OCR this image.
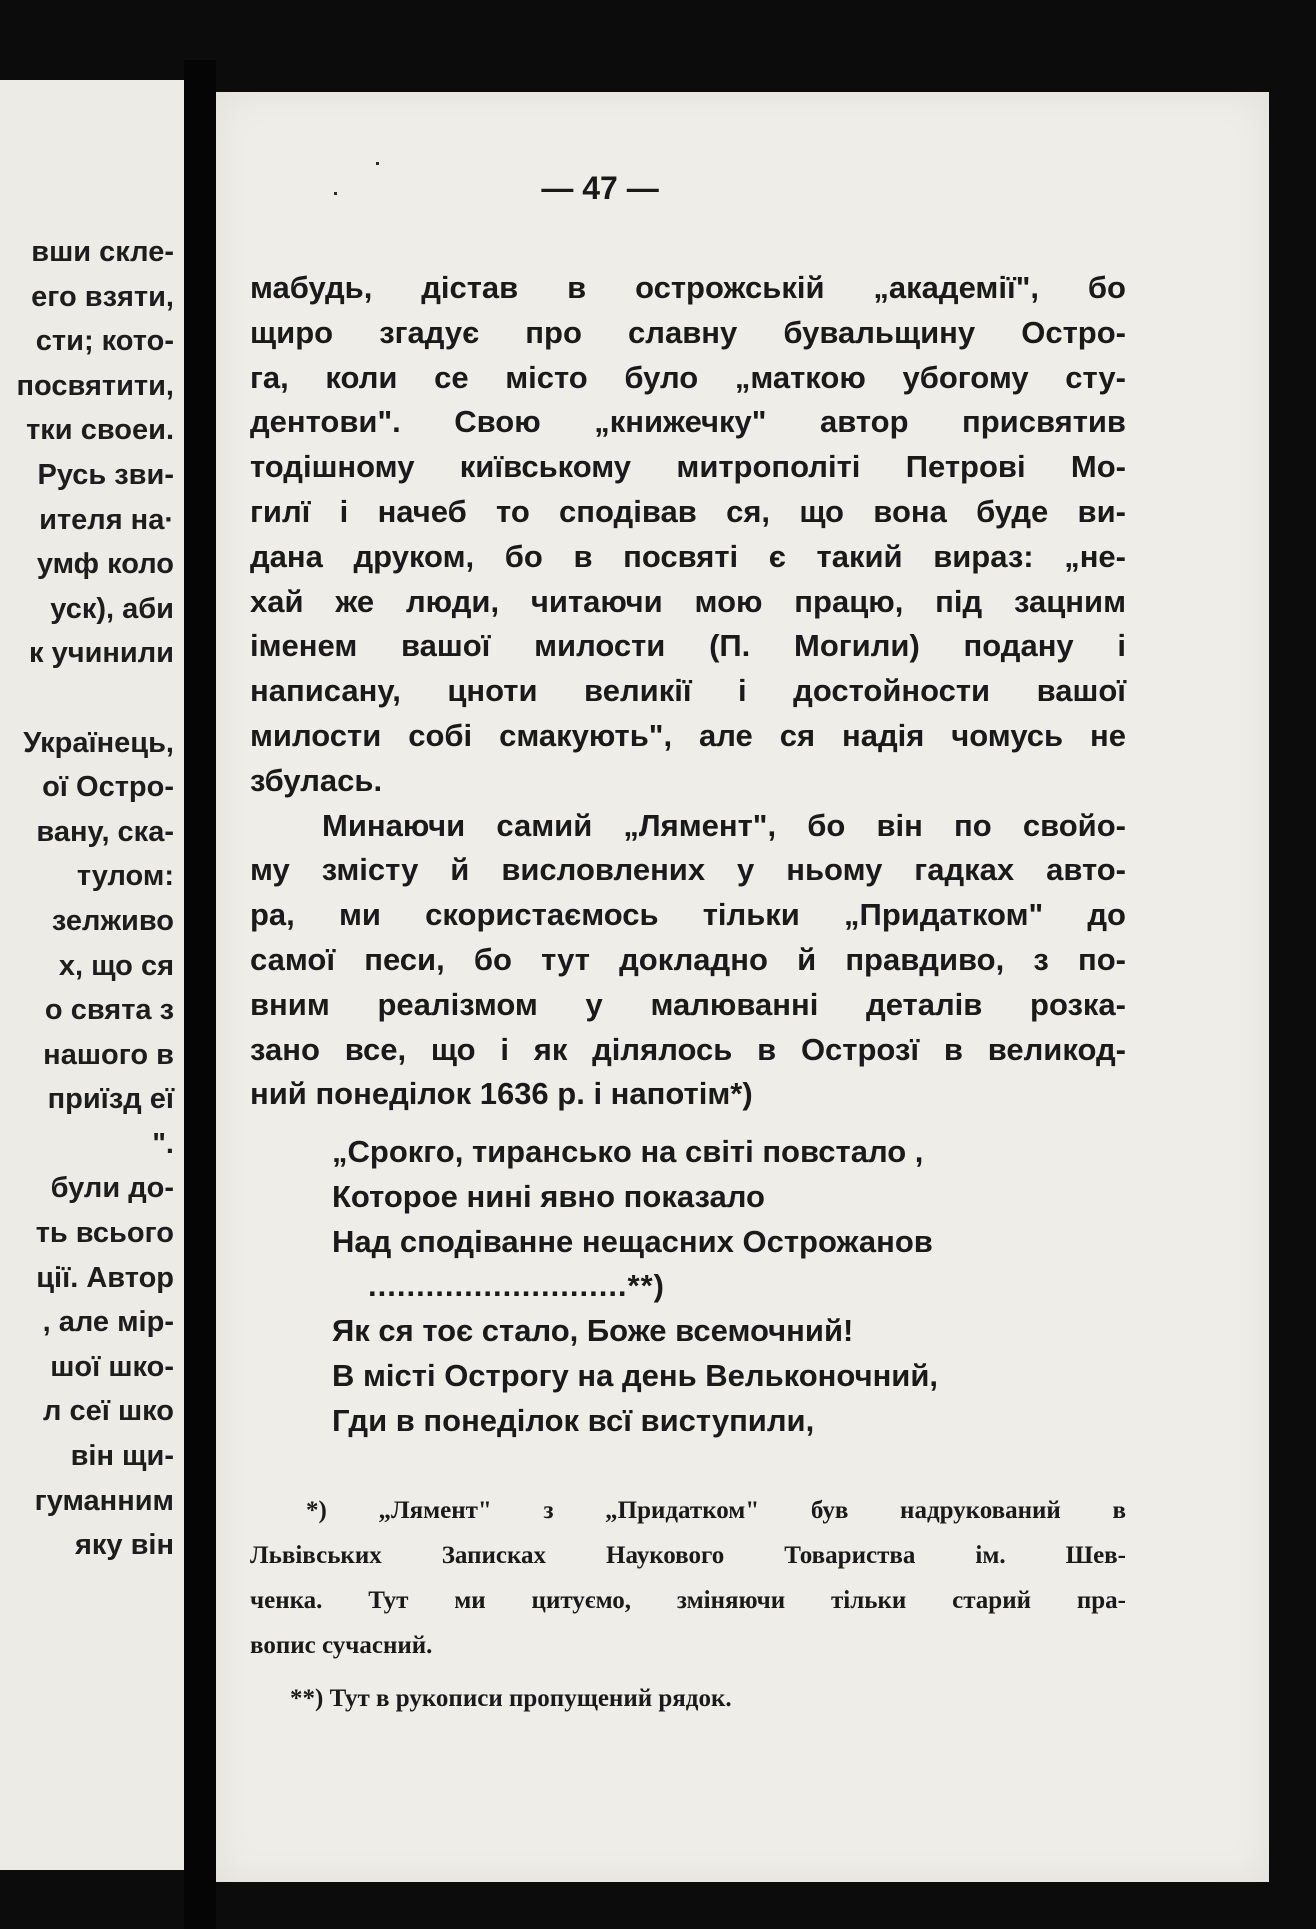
вши скле-
его взяти,
сти; кото-
посвятити,
тки своеи.
Русь зви-
ителя на·
умф коло
уск), аби
к учинили
Українець,
ої Остро-
вану, ска-
тулом:
зелживо
х, що ся
о свята з
нашого в
приїзд еї
".
були до-
ть всього
ції. Автор
, але мір-
шої шко-
л сеї шко
він щи-
гуманним
яку він

— 47 —

мабудь, дістав в острожській „академії", бо
щиро згадує про славну бувальщину Остро-
га, коли се місто було „маткою убогому сту-
дентови". Свою „книжечку" автор присвятив
тодішному київському митрополіті Петрові Мо-
гилї і начеб то сподівав ся, що вона буде ви-
дана друком, бо в посвяті є такий вираз: „не-
хай же люди, читаючи мою працю, під зацним
іменем вашої милости (П. Могили) подану і
написану, цноти великії і достойности вашої
милости собі смакують", але ся надія чомусь не
збулась.
Минаючи самий „Лямент", бо він по свойо-
му змісту й висловлених у ньому гадках авто-
ра, ми скористаємось тільки „Придатком" до
самої песи, бо тут докладно й правдиво, з по-
вним реалізмом у малюванні деталів розка-
зано все, що і як ділялось в Острозї в великод-
ний понеділок 1636 р. і напотім*)
„Срокго, тиранськo на світі повстало ,
Которое нині явно показало
Над сподіванне нещасних Острожанов
...........................**)
Як ся тоє стало, Боже всемочний!
В місті Острогу на день Вельконочний,
Гди в понеділок всї виступили,
*) „Лямент" з „Придатком" був надрукований в
Львівських Записках Наукового Товариства ім. Шев-
ченка. Тут ми цитуємо, зміняючи тільки старий пра-
вопис сучасний.
**) Тут в рукописи пропущений рядок.
